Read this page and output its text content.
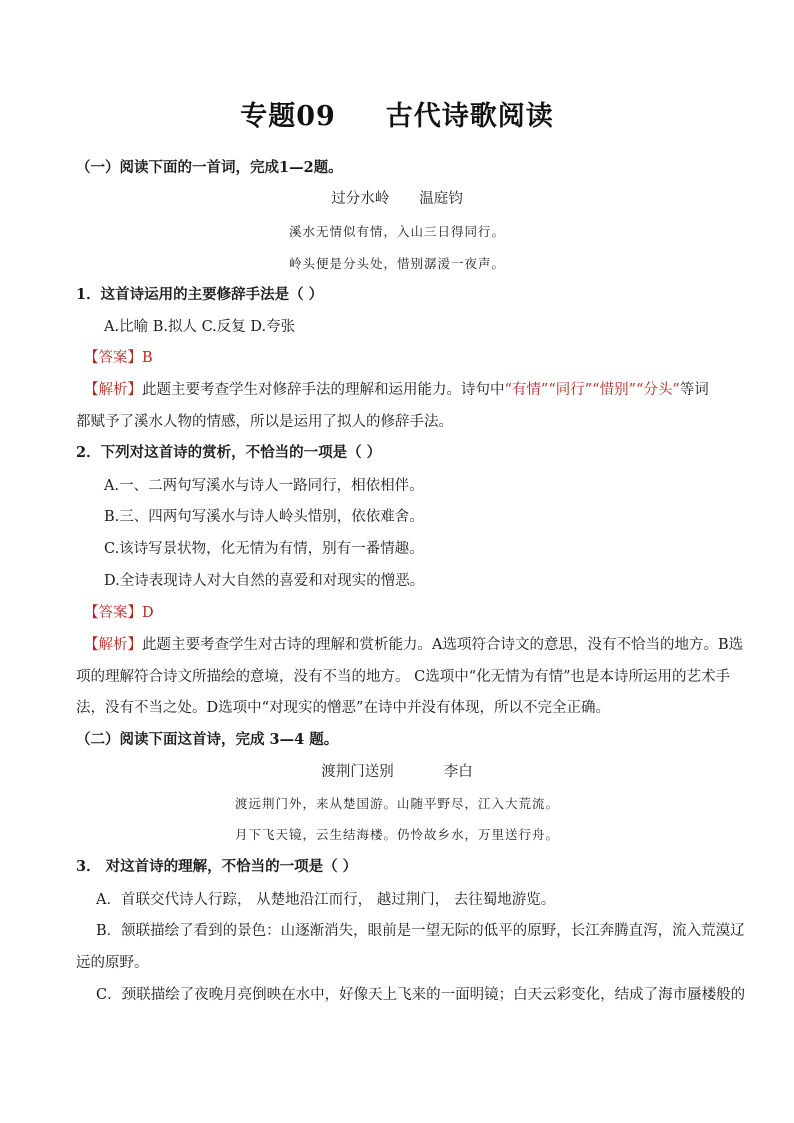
专题09 古代诗歌阅读
（一）阅读下面的一首词，完成1—2题。
过分水岭 温庭钧
溪水无情似有情，入山三日得同行。
岭头便是分头处，惜别潺湲一夜声。
1．这首诗运用的主要修辞手法是（ ）
A.比喻 B.拟人 C.反复 D.夸张
【答案】B
【解析】此题主要考查学生对修辞手法的理解和运用能力。诗句中“有情”“同行”“惜别”“分头”等词
都赋予了溪水人物的情感，所以是运用了拟人的修辞手法。
2．下列对这首诗的赏析，不恰当的一项是（ ）
A.一、二两句写溪水与诗人一路同行，相依相伴。
B.三、四两句写溪水与诗人岭头惜别，依依难舍。
C.该诗写景状物，化无情为有情，别有一番情趣。
D.全诗表现诗人对大自然的喜爱和对现实的憎恶。
【答案】D
【解析】此题主要考查学生对古诗的理解和赏析能力。A选项符合诗文的意思，没有不恰当的地方。B选
项的理解符合诗文所描绘的意境，没有不当的地方。 C选项中“化无情为有情”也是本诗所运用的艺术手
法，没有不当之处。D选项中“对现实的憎恶”在诗中并没有体现，所以不完全正确。
（二）阅读下面这首诗，完成 3—4 题。
渡荆门送别	李白
渡远荆门外，来从楚国游。山随平野尽，江入大荒流。
月下飞天镜，云生结海楼。仍怜故乡水，万里送行舟。
3． 对这首诗的理解，不恰当的一项是（ ）
A．首联交代诗人行踪， 从楚地沿江而行， 越过荆门， 去往蜀地游览。
B．颔联描绘了看到的景色：山逐渐消失，眼前是一望无际的低平的原野，长江奔腾直泻，流入荒漠辽
远的原野。
C．颈联描绘了夜晚月亮倒映在水中，好像天上飞来的一面明镜；白天云彩变化，结成了海市蜃楼般的
